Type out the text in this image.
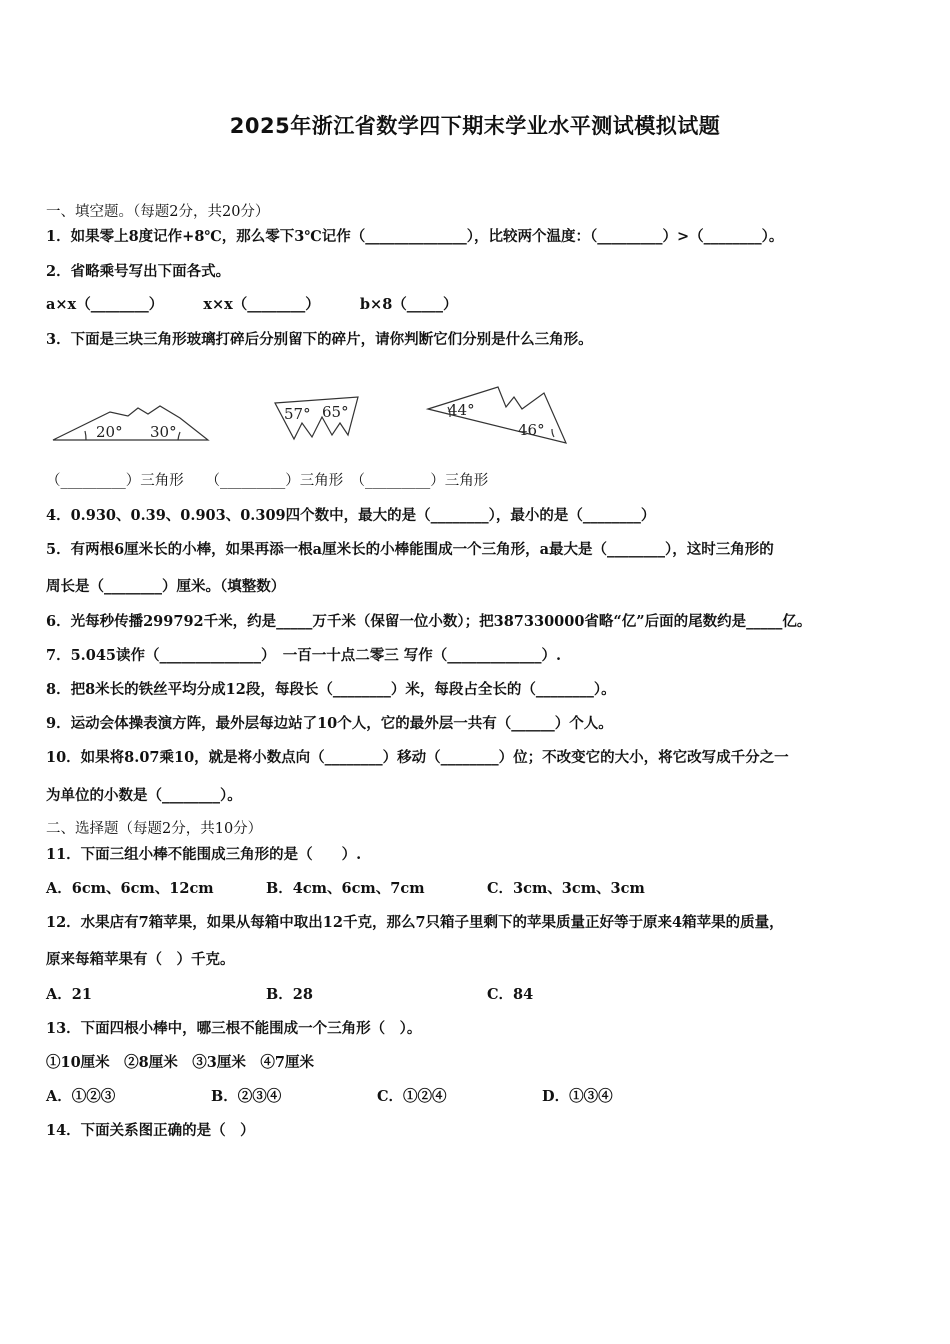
2025年浙江省数学四下期末学业水平测试模拟试题
一、填空题。（每题2分，共20分）
1．如果零上8度记作+8℃，那么零下3℃记作（______________），比较两个温度：（_________）>（________）。
2．省略乘号写出下面各式。
a×x（________）	x×x（________）	b×8（_____）
3．下面是三块三角形玻璃打碎后分别留下的碎片，请你判断它们分别是什么三角形。
20° 30°
57° 65°	44°
46°
（_________）三角形　　（_________）三角形　（_________）三角形
4．0.930、0.39、0.903、0.309四个数中，最大的是（________），最小的是（________）
5．有两根6厘米长的小棒，如果再添一根a厘米长的小棒能围成一个三角形，a最大是（________），这时三角形的
周长是（________）厘米。（填整数）
6．光每秒传播299792千米，约是_____万千米（保留一位小数）；把387330000省略“亿”后面的尾数约是_____亿。
7．5.045读作（______________）　一百一十点二零三 写作（_____________）.
8．把8米长的铁丝平均分成12段，每段长（________）米，每段占全长的（________）。
9．运动会体操表演方阵，最外层每边站了10个人，它的最外层一共有（______）个人。
10．如果将8.07乘10，就是将小数点向（________）移动（________）位；不改变它的大小，将它改写成千分之一
为单位的小数是（________）。
二、选择题（每题2分，共10分）
11．下面三组小棒不能围成三角形的是（　　）.
A．6cm、6cm、12cm	B．4cm、6cm、7cm	C．3cm、3cm、3cm
12．水果店有7箱苹果，如果从每箱中取出12千克，那么7只箱子里剩下的苹果质量正好等于原来4箱苹果的质量，
原来每箱苹果有（　）千克。
A．21	B．28	C．84
13．下面四根小棒中，哪三根不能围成一个三角形（　）。
①10厘米　②8厘米　③3厘米　④7厘米
A．①②③	B．②③④	C．①②④	D．①③④
14．下面关系图正确的是（　）
